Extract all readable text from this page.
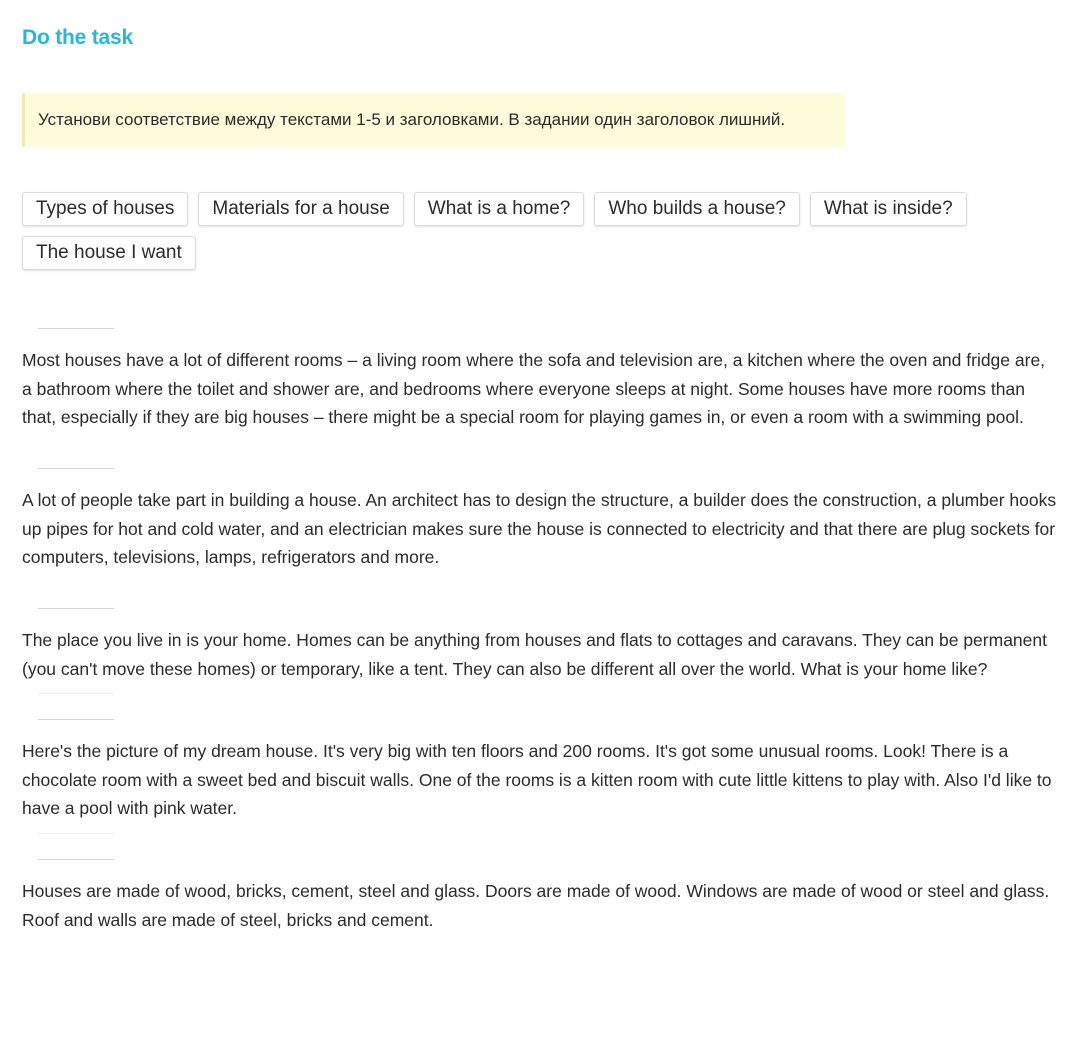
Do the task
Установи соответствие между текстами 1-5 и заголовками. В задании один заголовок лишний.
Types of houses	Materials for a house	What is a home?	Who builds a house?	What is inside?
The house I want
Most houses have a lot of different rooms – a living room where the sofa and television are, a kitchen where the oven and fridge are, a bathroom where the toilet and shower are, and bedrooms where everyone sleeps at night. Some houses have more rooms than that, especially if they are big houses – there might be a special room for playing games in, or even a room with a swimming pool.
A lot of people take part in building a house. An architect has to design the structure, a builder does the construction, a plumber hooks up pipes for hot and cold water, and an electrician makes sure the house is connected to electricity and that there are plug sockets for computers, televisions, lamps, refrigerators and more.
The place you live in is your home. Homes can be anything from houses and flats to cottages and caravans. They can be permanent (you can't move these homes) or temporary, like a tent. They can also be different all over the world. What is your home like?
Here's the picture of my dream house. It's very big with ten floors and 200 rooms. It's got some unusual rooms. Look! There is a chocolate room with a sweet bed and biscuit walls. One of the rooms is a kitten room with cute little kittens to play with. Also I'd like to have a pool with pink water.
Houses are made of wood, bricks, cement, steel and glass. Doors are made of wood. Windows are made of wood or steel and glass. Roof and walls are made of steel, bricks and cement.
